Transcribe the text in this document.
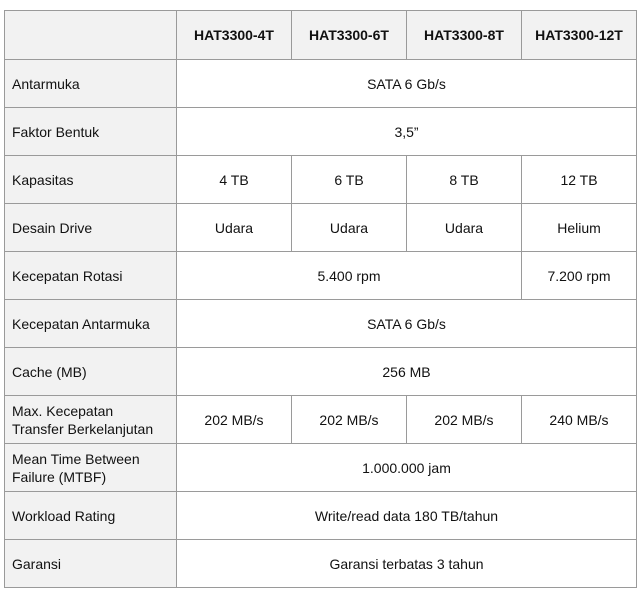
	HAT3300-4T	HAT3300-6T	HAT3300-8T	HAT3300-12T
Antarmuka	SATA 6 Gb/s			
Faktor Bentuk	3,5”			
Kapasitas	4 TB	6 TB	8 TB	12 TB
Desain Drive	Udara	Udara	Udara	Helium
Kecepatan Rotasi	5.400 rpm			7.200 rpm
Kecepatan Antarmuka	SATA 6 Gb/s			
Cache (MB)	256 MB			
Max. Kecepatan
Transfer Berkelanjutan	202 MB/s	202 MB/s	202 MB/s	240 MB/s
Mean Time Between
Failure (MTBF)	1.000.000 jam			
Workload Rating	Write/read data 180 TB/tahun			
Garansi	Garansi terbatas 3 tahun			
